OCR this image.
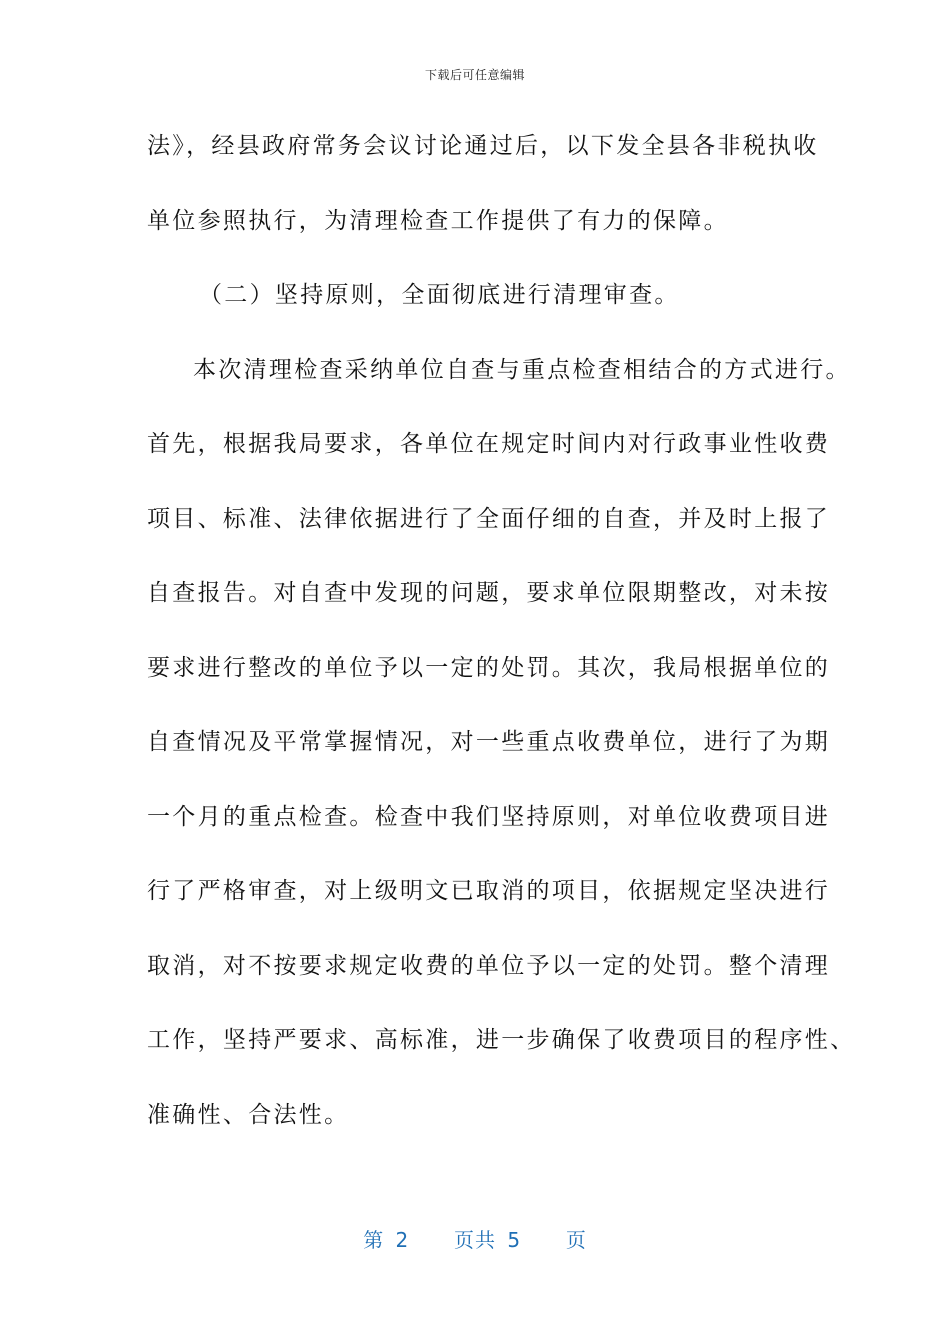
下载后可任意编辑
法》，经县政府常务会议讨论通过后，以下发全县各非税执收
单位参照执行，为清理检查工作提供了有力的保障。
（二）坚持原则，全面彻底进行清理审查。
本次清理检查采纳单位自查与重点检查相结合的方式进行。
首先，根据我局要求，各单位在规定时间内对行政事业性收费
项目、标准、法律依据进行了全面仔细的自查，并及时上报了
自查报告。对自查中发现的问题，要求单位限期整改，对未按
要求进行整改的单位予以一定的处罚。其次，我局根据单位的
自查情况及平常掌握情况，对一些重点收费单位，进行了为期
一个月的重点检查。检查中我们坚持原则，对单位收费项目进
行了严格审查，对上级明文已取消的项目，依据规定坚决进行
取消，对不按要求规定收费的单位予以一定的处罚。整个清理
工作，坚持严要求、高标准，进一步确保了收费项目的程序性、
准确性、合法性。
第 2 页共 5 页
